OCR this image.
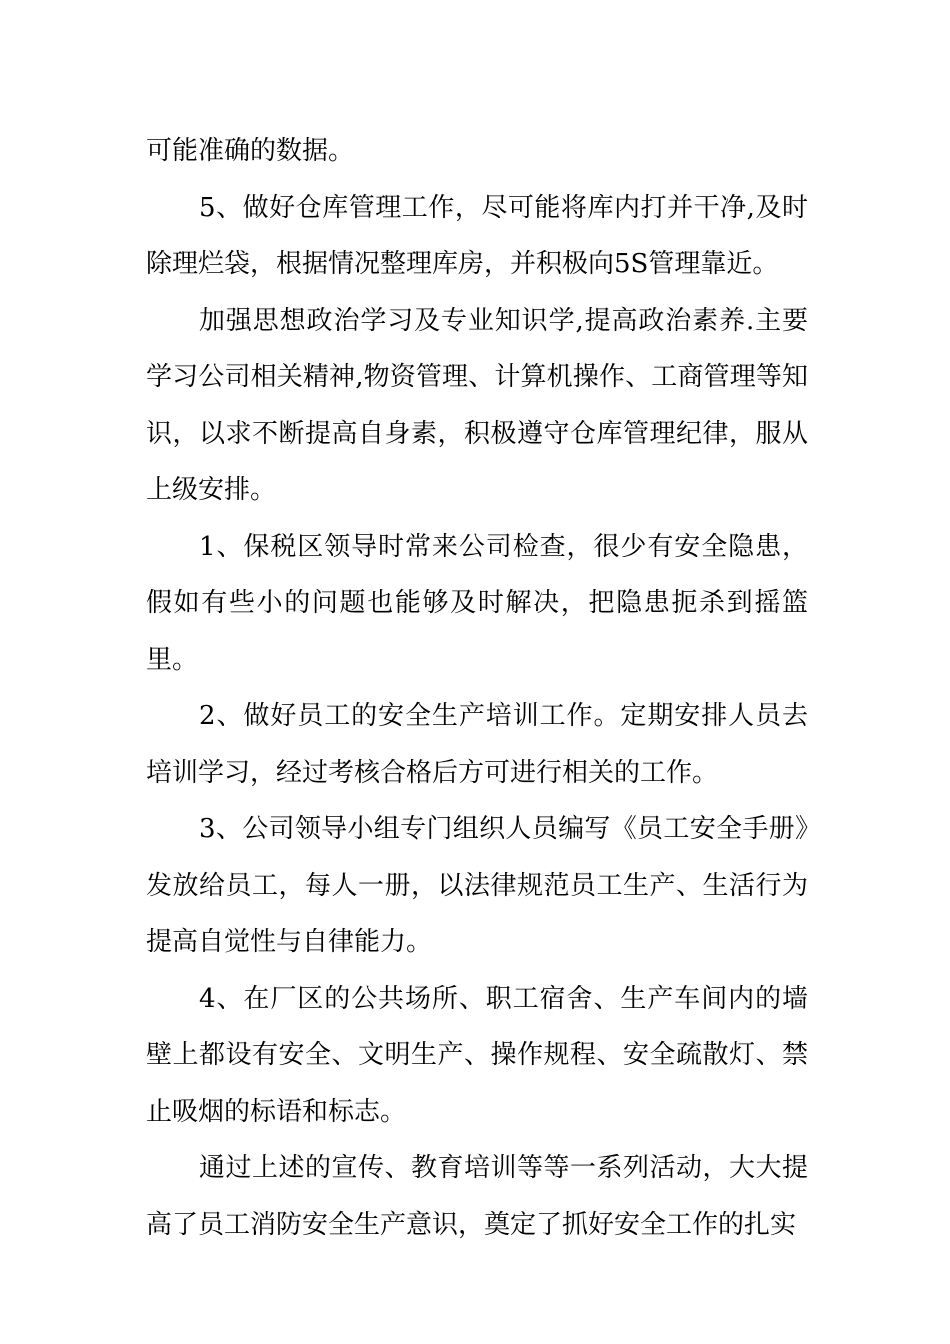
可能准确的数据。

5、做好仓库管理工作，尽可能将库内打并干净,及时除理烂袋，根据情况整理库房，并积极向5S管理靠近。

加强思想政治学习及专业知识学,提高政治素养.主要学习公司相关精神,物资管理、计算机操作、工商管理等知识，以求不断提高自身素，积极遵守仓库管理纪律，服从上级安排。

1、保税区领导时常来公司检查，很少有安全隐患，假如有些小的问题也能够及时解决，把隐患扼杀到摇篮里。

2、做好员工的安全生产培训工作。定期安排人员去培训学习，经过考核合格后方可进行相关的工作。

3、公司领导小组专门组织人员编写《员工安全手册》发放给员工，每人一册，以法律规范员工生产、生活行为提高自觉性与自律能力。

4、在厂区的公共场所、职工宿舍、生产车间内的墙壁上都设有安全、文明生产、操作规程、安全疏散灯、禁止吸烟的标语和标志。

通过上述的宣传、教育培训等等一系列活动，大大提高了员工消防安全生产意识，奠定了抓好安全工作的扎实
